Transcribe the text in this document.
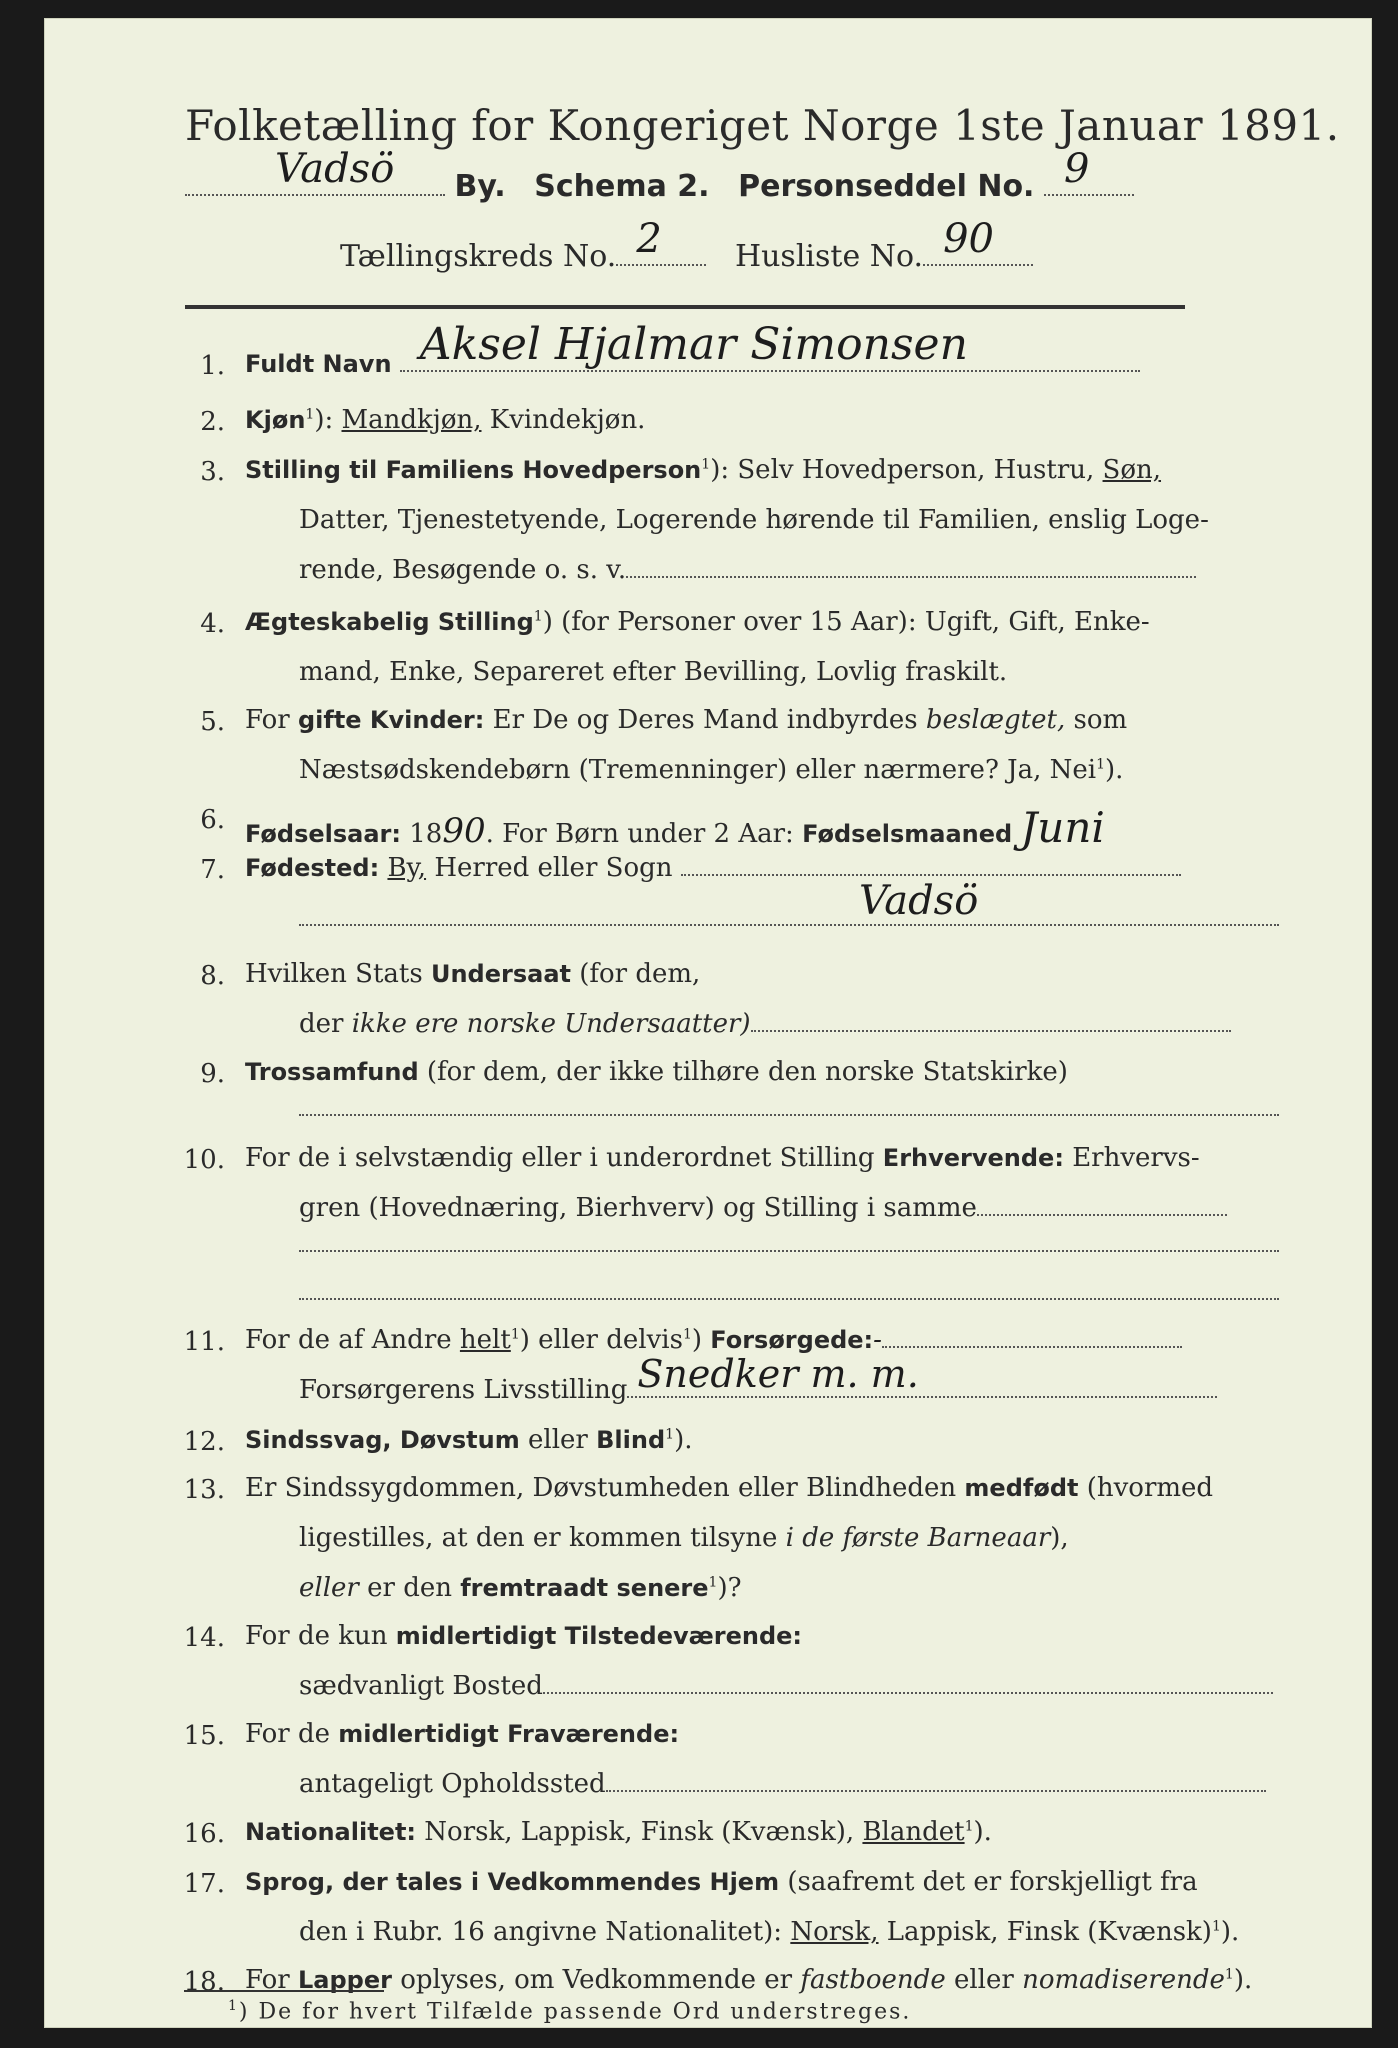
Folketælling for Kongeriget Norge 1ste Januar 1891.
Vadsö By. Schema 2. Personseddel No. 9
Tællingskreds No. 2 Husliste No. 90
1. Fuldt Navn Aksel Hjalmar Simonsen
2. Kjøn$^1$): Mandkjøn, Kvindekjøn.
3. Stilling til Familiens Hovedperson$^1$): Selv Hovedperson, Hustru, Søn,
Datter, Tjenestetyende, Logerende hørende til Familien, enslig Loge-
rende, Besøgende o. s. v.
4. Ægteskabelig Stilling$^1$) (for Personer over 15 Aar): Ugift, Gift, Enke-
mand, Enke, Separeret efter Bevilling, Lovlig fraskilt.
5. For gifte Kvinder: Er De og Deres Mand indbyrdes beslægtet, som
Næstsødskendebørn (Tremenninger) eller nærmere? Ja, Nei$^1$).
6. Fødselsaar: 1890. For Børn under 2 Aar: Fødselsmaaned Juni
7. Fødested: By, Herred eller Sogn
Vadsö
8. Hvilken Stats Undersaat (for dem,
der ikke ere norske Undersaatter)
9. Trossamfund (for dem, der ikke tilhøre den norske Statskirke)
10. For de i selvstændig eller i underordnet Stilling Erhvervende: Erhvervs-
gren (Hovednæring, Bierhverv) og Stilling i samme
11. For de af Andre helt$^1$) eller delvis$^1$) Forsørgede:-
Forsørgerens Livsstilling Snedker m. m.
12. Sindssvag, Døvstum eller Blind$^1$).
13. Er Sindssygdommen, Døvstumheden eller Blindheden medfødt (hvormed
ligestilles, at den er kommen tilsyne i de første Barneaar),
eller er den fremtraadt senere$^1$)?
14. For de kun midlertidigt Tilstedeværende:
sædvanligt Bosted
15. For de midlertidigt Fraværende:
antageligt Opholdssted
16. Nationalitet: Norsk, Lappisk, Finsk (Kvænsk), Blandet$^1$).
17. Sprog, der tales i Vedkommendes Hjem (saafremt det er forskjelligt fra
den i Rubr. 16 angivne Nationalitet): Norsk, Lappisk, Finsk (Kvænsk)$^1$).
18. For Lapper oplyses, om Vedkommende er fastboende eller nomadiserende$^1$).
$^1$) De for hvert Tilfælde passende Ord understreges.
